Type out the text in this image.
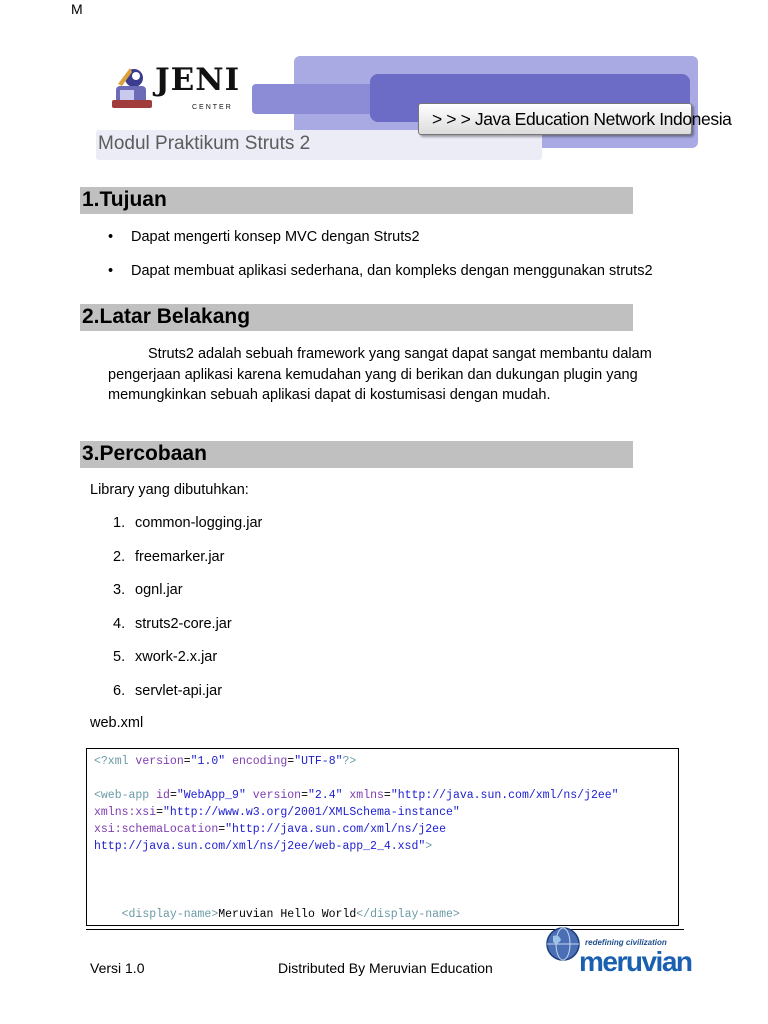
M
> > > Java Education Network Indonesia
Modul Praktikum Struts 2
JENI
CENTER
1.Tujuan
• Dapat mengerti konsep MVC dengan Struts2
• Dapat membuat aplikasi sederhana, dan kompleks dengan menggunakan struts2
2.Latar Belakang

Struts2 adalah sebuah framework yang sangat dapat sangat membantu dalam pengerjaan aplikasi karena kemudahan yang di berikan dan dukungan plugin yang memungkinkan sebuah aplikasi dapat di kostumisasi dengan mudah.

3.Percobaan
Library yang dibutuhkan:
1. common-logging.jar
2. freemarker.jar
3. ognl.jar
4. struts2-core.jar
5. xwork-2.x.jar
6. servlet-api.jar
web.xml
<?xml version="1.0" encoding="UTF-8"?>

<web-app id="WebApp_9" version="2.4" xmlns="http://java.sun.com/xml/ns/j2ee"
xmlns:xsi="http://www.w3.org/2001/XMLSchema-instance"
xsi:schemaLocation="http://java.sun.com/xml/ns/j2ee
http://java.sun.com/xml/ns/j2ee/web-app_2_4.xsd">

<display-name>Meruvian Hello World</display-name>
Versi 1.0	Distributed By Meruvian Education
redefining civilization
meruvian
